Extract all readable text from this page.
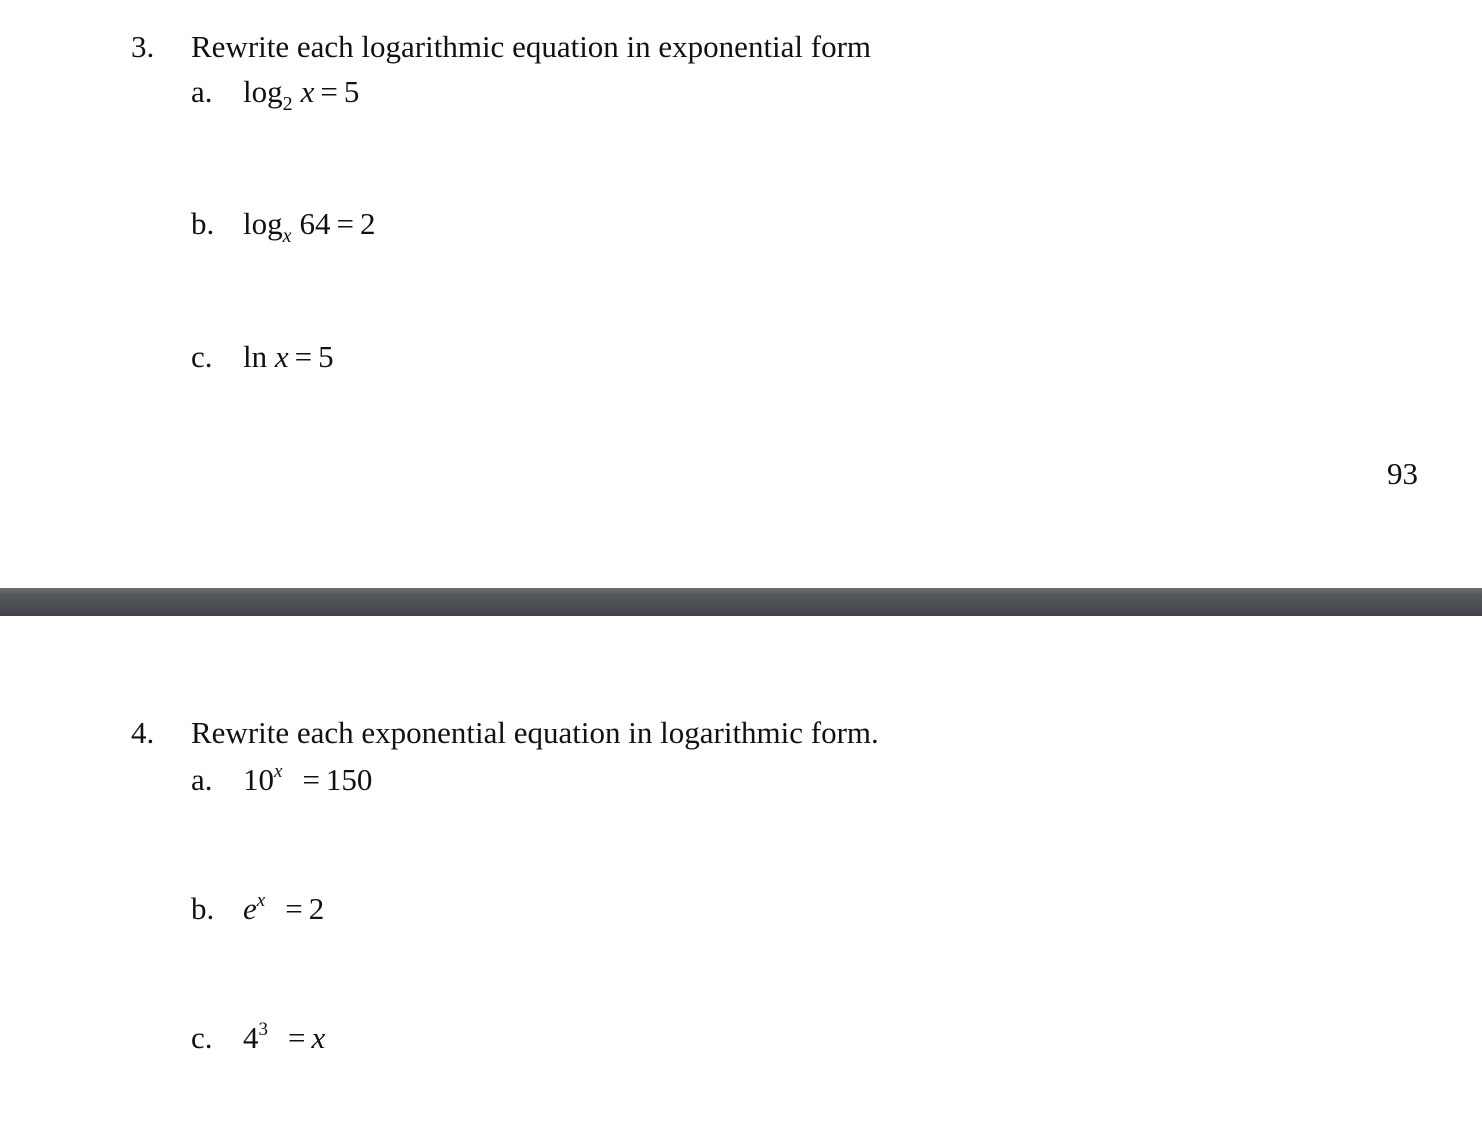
3. Rewrite each logarithmic equation in exponential form
a. $\log_2 x = 5$
b. $\log_x 64 = 2$
c. ln x = 5
93
4. Rewrite each exponential equation in logarithmic form.
a. $10^x = 150$
b. $e^x = 2$
c. $4^3 = x$
